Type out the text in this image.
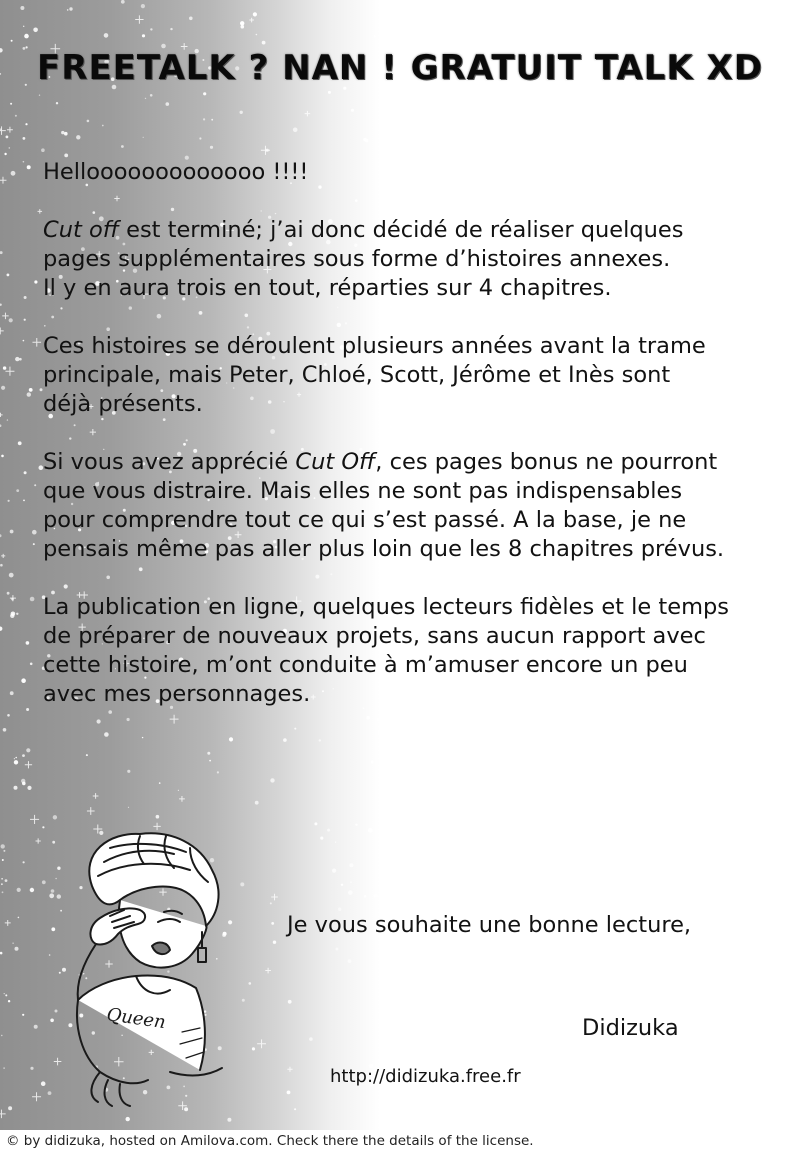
FREETALK ? NAN ! GRATUIT TALK XD

Hellooooooooooooo !!!!

Cut off est terminé; j’ai donc décidé de réaliser quelques
pages supplémentaires sous forme d’histoires annexes.
Il y en aura trois en tout, réparties sur 4 chapitres.

Ces histoires se déroulent plusieurs années avant la trame
principale, mais Peter, Chloé, Scott, Jérôme et Inès sont
déjà présents.

Si vous avez apprécié Cut Off, ces pages bonus ne pourront
que vous distraire. Mais elles ne sont pas indispensables
pour comprendre tout ce qui s’est passé. A la base, je ne
pensais même pas aller plus loin que les 8 chapitres prévus.

La publication en ligne, quelques lecteurs fidèles et le temps
de préparer de nouveaux projets, sans aucun rapport avec
cette histoire, m’ont conduite à m’amuser encore un peu
avec mes personnages.

Queen
Je vous souhaite une bonne lecture,
Didizuka
http://didizuka.free.fr
© by didizuka, hosted on Amilova.com. Check there the details of the license.
